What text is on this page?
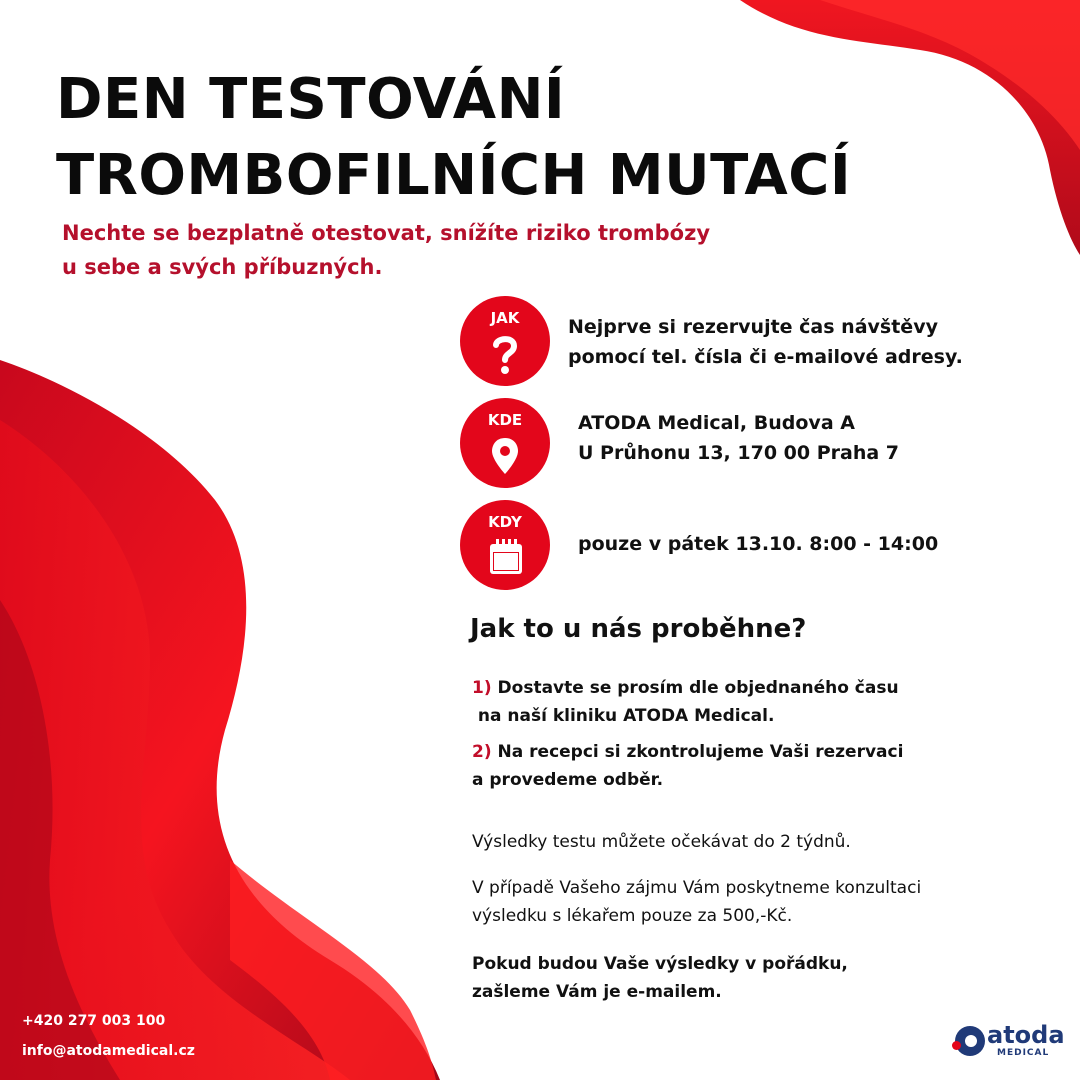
DEN TESTOVÁNÍ
TROMBOFILNÍCH MUTACÍ
Nechte se bezplatně otestovat, snížíte riziko trombózy
u sebe a svých příbuzných.
JAK	Nejprve si rezervujte čas návštěvy
pomocí tel. čísla či e-mailové adresy.
KDE	ATODA Medical, Budova A
U Průhonu 13, 170 00 Praha 7
KDY
pouze v pátek 13.10. 8:00 - 14:00
Jak to u nás proběhne?
1) Dostavte se prosím dle objednaného času
na naší kliniku ATODA Medical.
2) Na recepci si zkontrolujeme Vaši rezervaci
a provedeme odběr.
Výsledky testu můžete očekávat do 2 týdnů.
V případě Vašeho zájmu Vám poskytneme konzultaci
výsledku s lékařem pouze za 500,-Kč.
Pokud budou Vaše výsledky v pořádku,
zašleme Vám je e-mailem.
+420 277 003 100
info@atodamedical.cz
atoda
MEDICAL
